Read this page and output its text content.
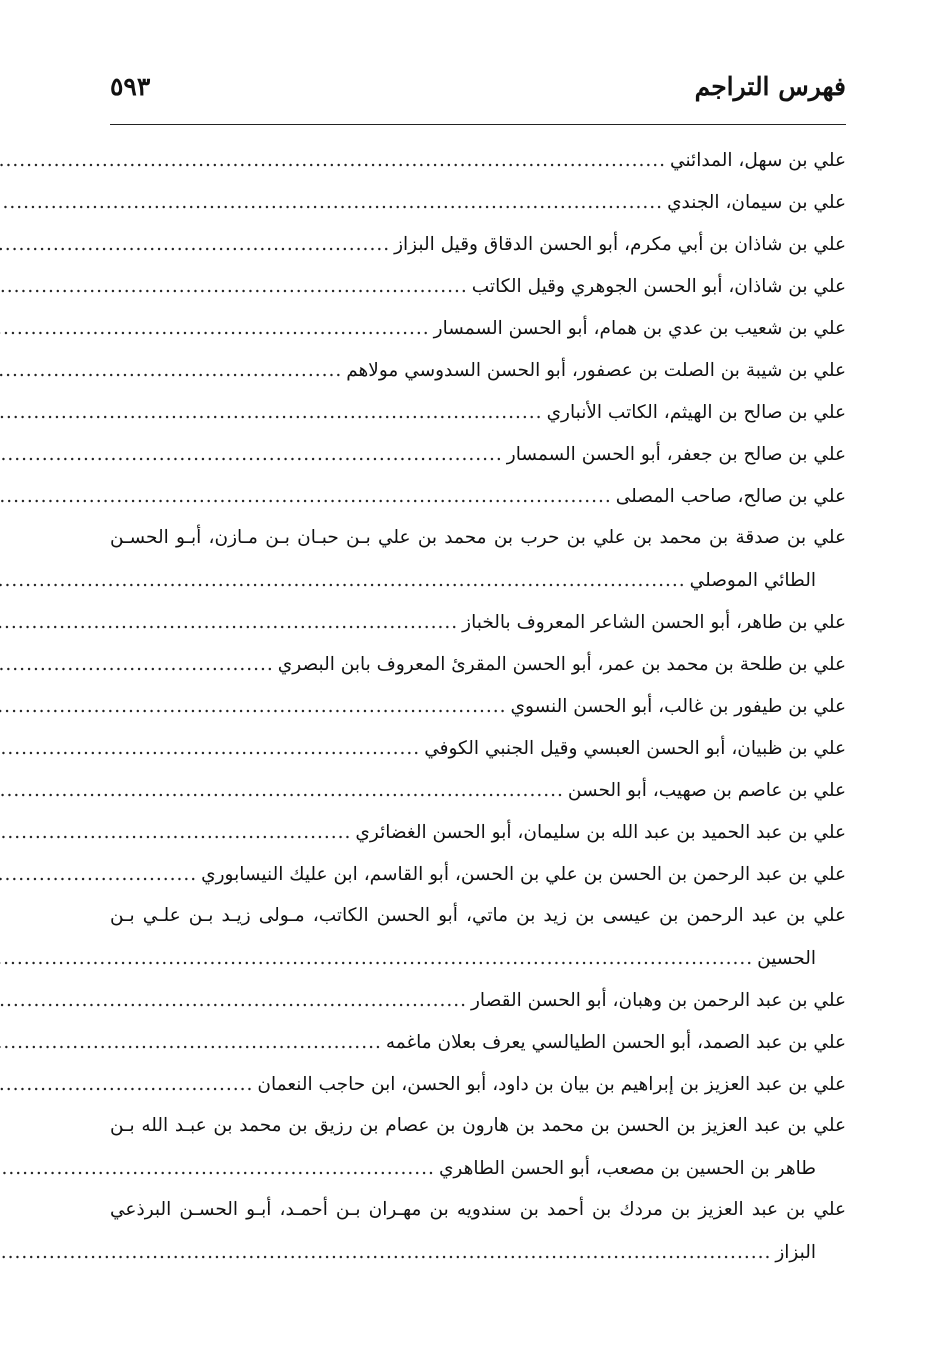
فهرس التراجم
٥٩٣
علي بن سهل، المدائني
.....
علي بن سيمان، الجندي
.....
علي بن شاذان بن أبي مكرم، أبو الحسن الدقاق وقيل البزاز
.....
علي بن شاذان، أبو الحسن الجوهري وقيل الكاتب
.....
علي بن شعيب بن عدي بن همام، أبو الحسن السمسار
.....
علي بن شيبة بن الصلت بن عصفور، أبو الحسن السدوسي مولاهم
.....
علي بن صالح بن الهيثم، الكاتب الأنباري
.....
علي بن صالح بن جعفر، أبو الحسن السمسار
.....
علي بن صالح، صاحب المصلى
.....
علي بن صدقة بن محمد بن علي بن حرب بن محمد بن علي بـن حبـان بـن مـازن، أبـو الحسـن
الطائي الموصلي
.....
علي بن طاهر، أبو الحسن الشاعر المعروف بالخباز
.....
علي بن طلحة بن محمد بن عمر، أبو الحسن المقرئ المعروف بابن البصري
.....
علي بن طيفور بن غالب، أبو الحسن النسوي
.....
علي بن ظبيان، أبو الحسن العبسي وقيل الجنبي الكوفي
.....
علي بن عاصم بن صهيب، أبو الحسن
.....
علي بن عبد الحميد بن عبد الله بن سليمان، أبو الحسن الغضائري
.....
علي بن عبد الرحمن بن الحسن بن علي بن الحسن، أبو القاسم، ابن عليك النيسابوري
.....
علي بن عبد الرحمن بن عيسى بن زيد بن ماتي، أبو الحسن الكاتب، مـولى زيـد بـن علـي بـن
الحسين
.....
علي بن عبد الرحمن بن وهبان، أبو الحسن القصار
.....
علي بن عبد الصمد، أبو الحسن الطيالسي يعرف بعلان ماغمه
.....
علي بن عبد العزيز بن إبراهيم بن بيان بن داود، أبو الحسن، ابن حاجب النعمان
.....
علي بن عبد العزيز بن الحسن بن محمد بن هارون بن عصام بن رزيق بن محمد بن عبـد الله بـن
طاهر بن الحسين بن مصعب، أبو الحسن الطاهري
.....
علي بن عبد العزيز بن مردك بن أحمد بن سندويه بن مهـران بـن أحمـد، أبـو الحسـن البرذعي
البزاز
.....
